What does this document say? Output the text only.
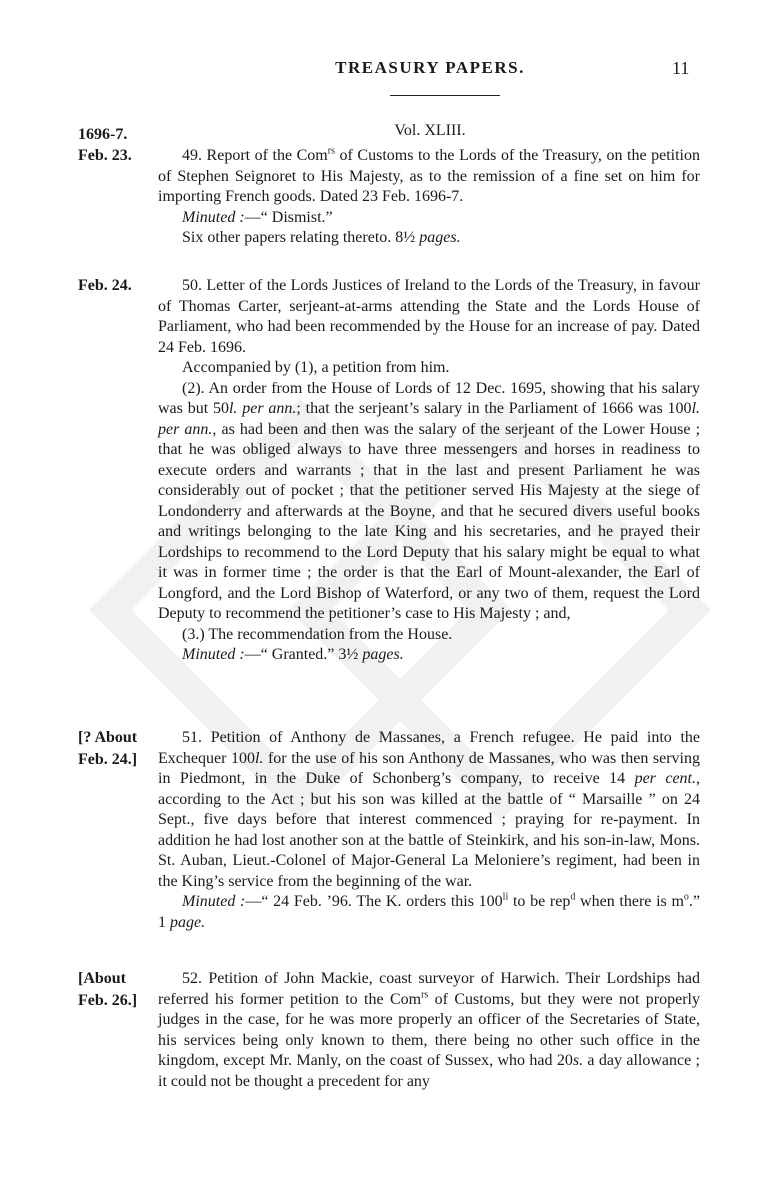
TREASURY PAPERS.	11
1696-7.	Vol. XLIII.
Feb. 23.	49. Report of the Com$^{rs}$ of Customs to the Lords of the Treasury, on the petition of Stephen Seignoret to His Majesty, as to the remission of a fine set on him for importing French goods. Dated 23 Feb. 1696-7.

Minuted :—“ Dismist.”

Six other papers relating thereto. 8½ pages.

Feb. 24.	50. Letter of the Lords Justices of Ireland to the Lords of the Treasury, in favour of Thomas Carter, serjeant-at-arms attending the State and the Lords House of Parliament, who had been recommended by the House for an increase of pay. Dated 24 Feb. 1696.

Accompanied by (1), a petition from him.

(2). An order from the House of Lords of 12 Dec. 1695, showing that his salary was but 50l. per ann.; that the serjeant’s salary in the Parliament of 1666 was 100l. per ann., as had been and then was the salary of the serjeant of the Lower House ; that he was obliged always to have three messengers and horses in readiness to execute orders and warrants ; that in the last and present Parliament he was considerably out of pocket ; that the petitioner served His Majesty at the siege of Londonderry and afterwards at the Boyne, and that he secured divers useful books and writings belonging to the late King and his secretaries, and he prayed their Lordships to recommend to the Lord Deputy that his salary might be equal to what it was in former time ; the order is that the Earl of Mount-alexander, the Earl of Longford, and the Lord Bishop of Waterford, or any two of them, request the Lord Deputy to recommend the petitioner’s case to His Majesty ; and,

(3.) The recommendation from the House.

Minuted :—“ Granted.” 3½ pages.

[? About
Feb. 24.]

51. Petition of Anthony de Massanes, a French refugee. He paid into the Exchequer 100l. for the use of his son Anthony de Massanes, who was then serving in Piedmont, in the Duke of Schonberg’s company, to receive 14 per cent., according to the Act ; but his son was killed at the battle of “ Marsaille ” on 24 Sept., five days before that interest commenced ; praying for re-payment. In addition he had lost another son at the battle of Steinkirk, and his son-in-law, Mons. St. Auban, Lieut.-Colonel of Major-General La Meloniere’s regiment, had been in the King’s service from the beginning of the war.

Minuted :—“ 24 Feb. ’96. The K. orders this $100^{li}$ to be rep$^d$ when there is $m^o$.” 1 page.

[About
Feb. 26.]

52. Petition of John Mackie, coast surveyor of Harwich. Their Lordships had referred his former petition to the Com$^{rs}$ of Customs, but they were not properly judges in the case, for he was more properly an officer of the Secretaries of State, his services being only known to them, there being no other such office in the kingdom, except Mr. Manly, on the coast of Sussex, who had 20s. a day allowance ; it could not be thought a precedent for any
